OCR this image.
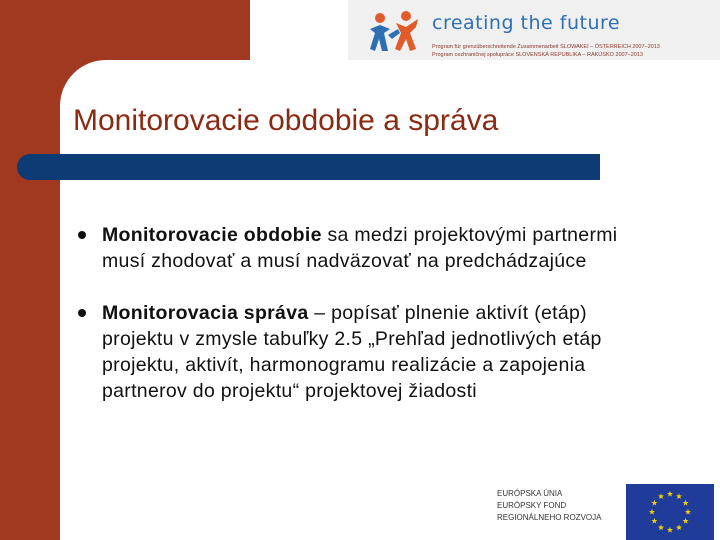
creating the future
Program für grenzüberschreitende Zusammenarbeit SLOWAKEI – ÖSTERREICH 2007–2013
Program cezhraničnej spolupráce SLOVENSKÁ REPUBLIKA – RAKÚSKO 2007–2013
Monitorovacie obdobie a správa
Monitorovacie obdobie sa medzi projektovými partnermi musí zhodovať a musí nadväzovať na predchádzajúce
Monitorovacia správa – popísať plnenie aktivít (etáp) projektu v zmysle tabuľky 2.5 „Prehľad jednotlivých etáp projektu, aktivít, harmonogramu realizácie a zapojenia partnerov do projektu“ projektovej žiadosti
EURÓPSKA ÚNIA
EURÓPSKY FOND
REGIONÁLNEHO ROZVOJA
